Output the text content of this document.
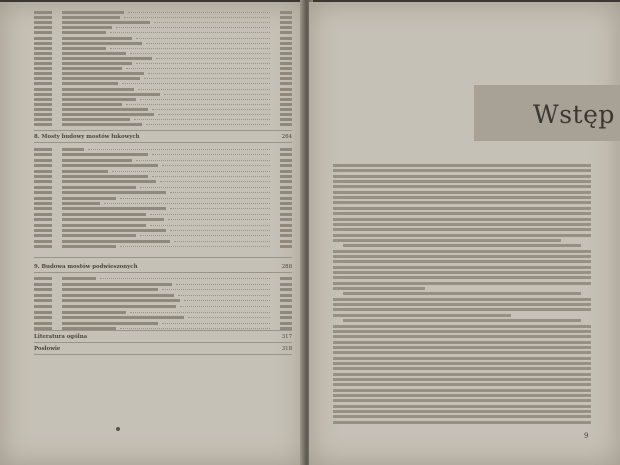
8. Mosty budowy mostów łukowych	264
9. Budowa mostów podwieszonych	288
Literatura ogólna	317
Posłowie	318
Wstęp
9
